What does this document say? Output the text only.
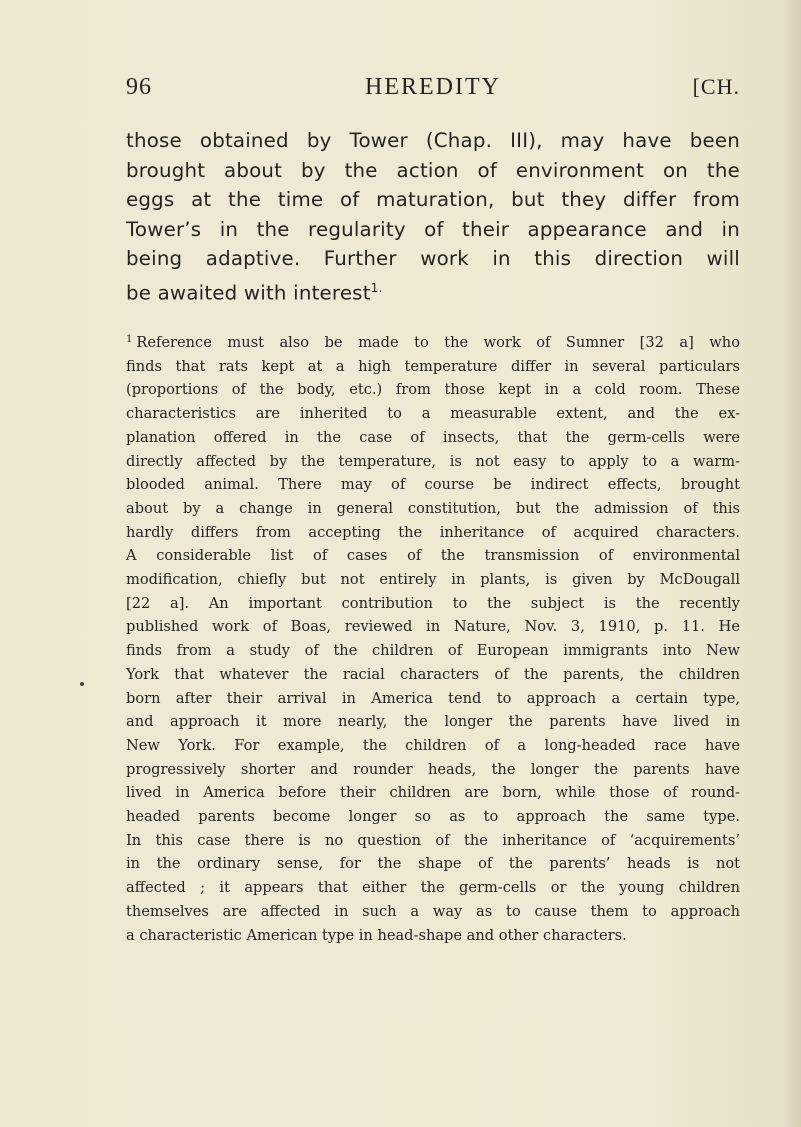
96	HEREDITY	[CH.

those obtained by Tower (Chap. III), may have been
brought about by the action of environment on the
eggs at the time of maturation, but they differ from
Tower’s in the regularity of their appearance and in
being adaptive. Further work in this direction will
be awaited with interest$^{1.}$

$^1$ Reference must also be made to the work of Sumner [32 a] who
finds that rats kept at a high temperature differ in several particulars
(proportions of the body, etc.) from those kept in a cold room. These
characteristics are inherited to a measurable extent, and the ex-
planation offered in the case of insects, that the germ-cells were
directly affected by the temperature, is not easy to apply to a warm-
blooded animal. There may of course be indirect effects, brought
about by a change in general constitution, but the admission of this
hardly differs from accepting the inheritance of acquired characters.
A considerable list of cases of the transmission of environmental
modification, chiefly but not entirely in plants, is given by McDougall
[22 a]. An important contribution to the subject is the recently
published work of Boas, reviewed in Nature, Nov. 3, 1910, p. 11. He
finds from a study of the children of European immigrants into New
York that whatever the racial characters of the parents, the children
born after their arrival in America tend to approach a certain type,
and approach it more nearly, the longer the parents have lived in
New York. For example, the children of a long-headed race have
progressively shorter and rounder heads, the longer the parents have
lived in America before their children are born, while those of round-
headed parents become longer so as to approach the same type.
In this case there is no question of the inheritance of ‘acquirements’
in the ordinary sense, for the shape of the parents’ heads is not
affected ; it appears that either the germ-cells or the young children
themselves are affected in such a way as to cause them to approach
a characteristic American type in head-shape and other characters.
